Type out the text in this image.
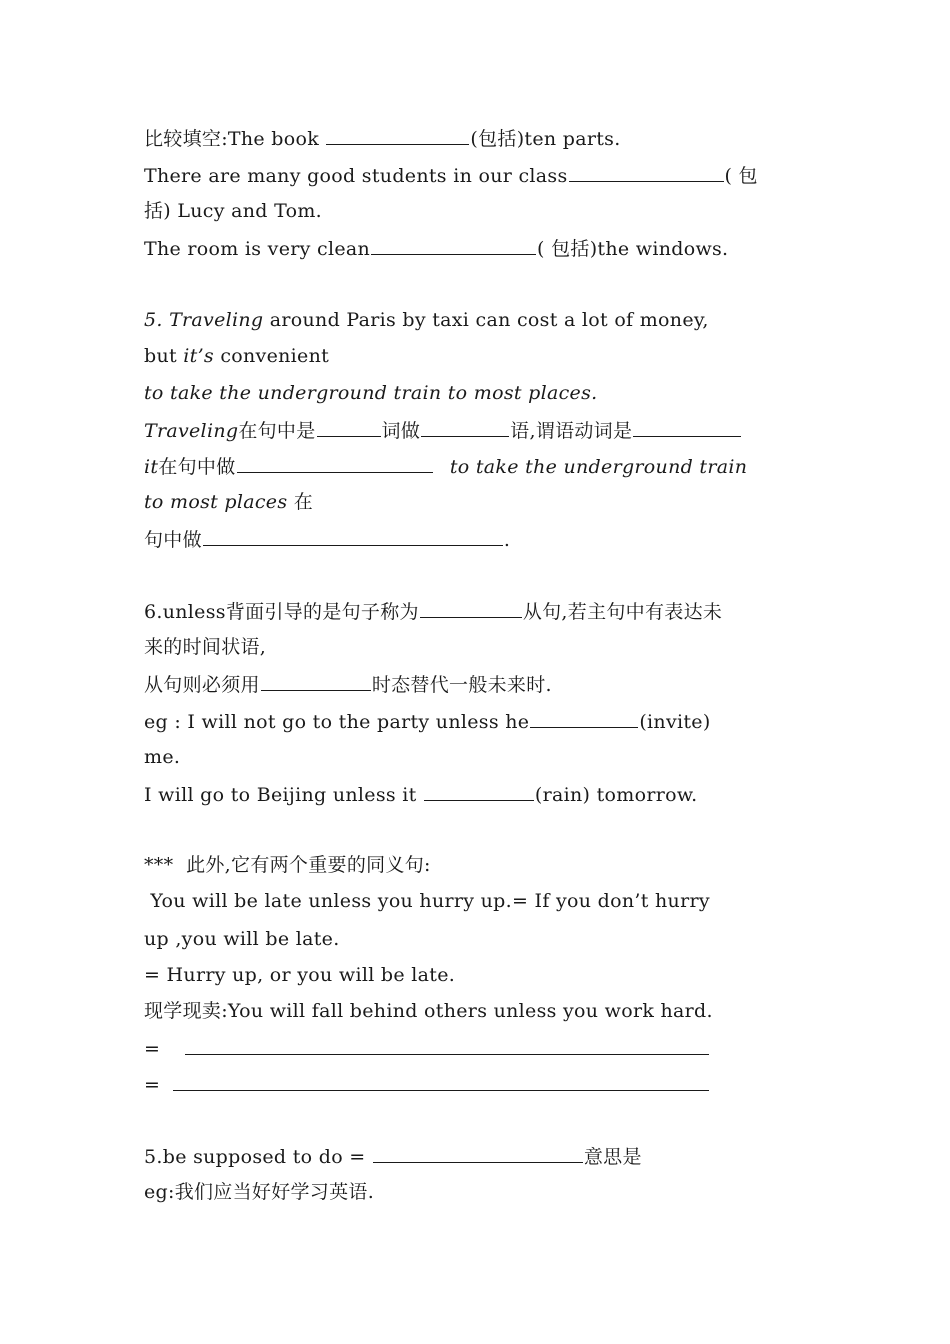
比较填空:The book	(包括)ten parts.
There are many good students in our class	( 包
括) Lucy and Tom.
The room is very clean	( 包括)the windows.
5. Traveling around Paris by taxi can cost a lot of money,
but it’s convenient
to take the underground train to most places.
Traveling在句中是	词做	语,谓语动词是
it在句中做	to take the underground train
to most places 在
句中做	.
6.unless背面引导的是句子称为	从句,若主句中有表达未
来的时间状语,
从句则必须用	时态替代一般未来时.
eg : I will not go to the party unless he	(invite)
me.
I will go to Beijing unless it	(rain) tomorrow.
***  此外,它有两个重要的同义句:
You will be late unless you hurry up.= If you don’t hurry
up ,you will be late.
= Hurry up, or you will be late.
现学现卖:You will fall behind others unless you work hard.
=
=
5.be supposed to do =	意思是
eg:我们应当好好学习英语.
